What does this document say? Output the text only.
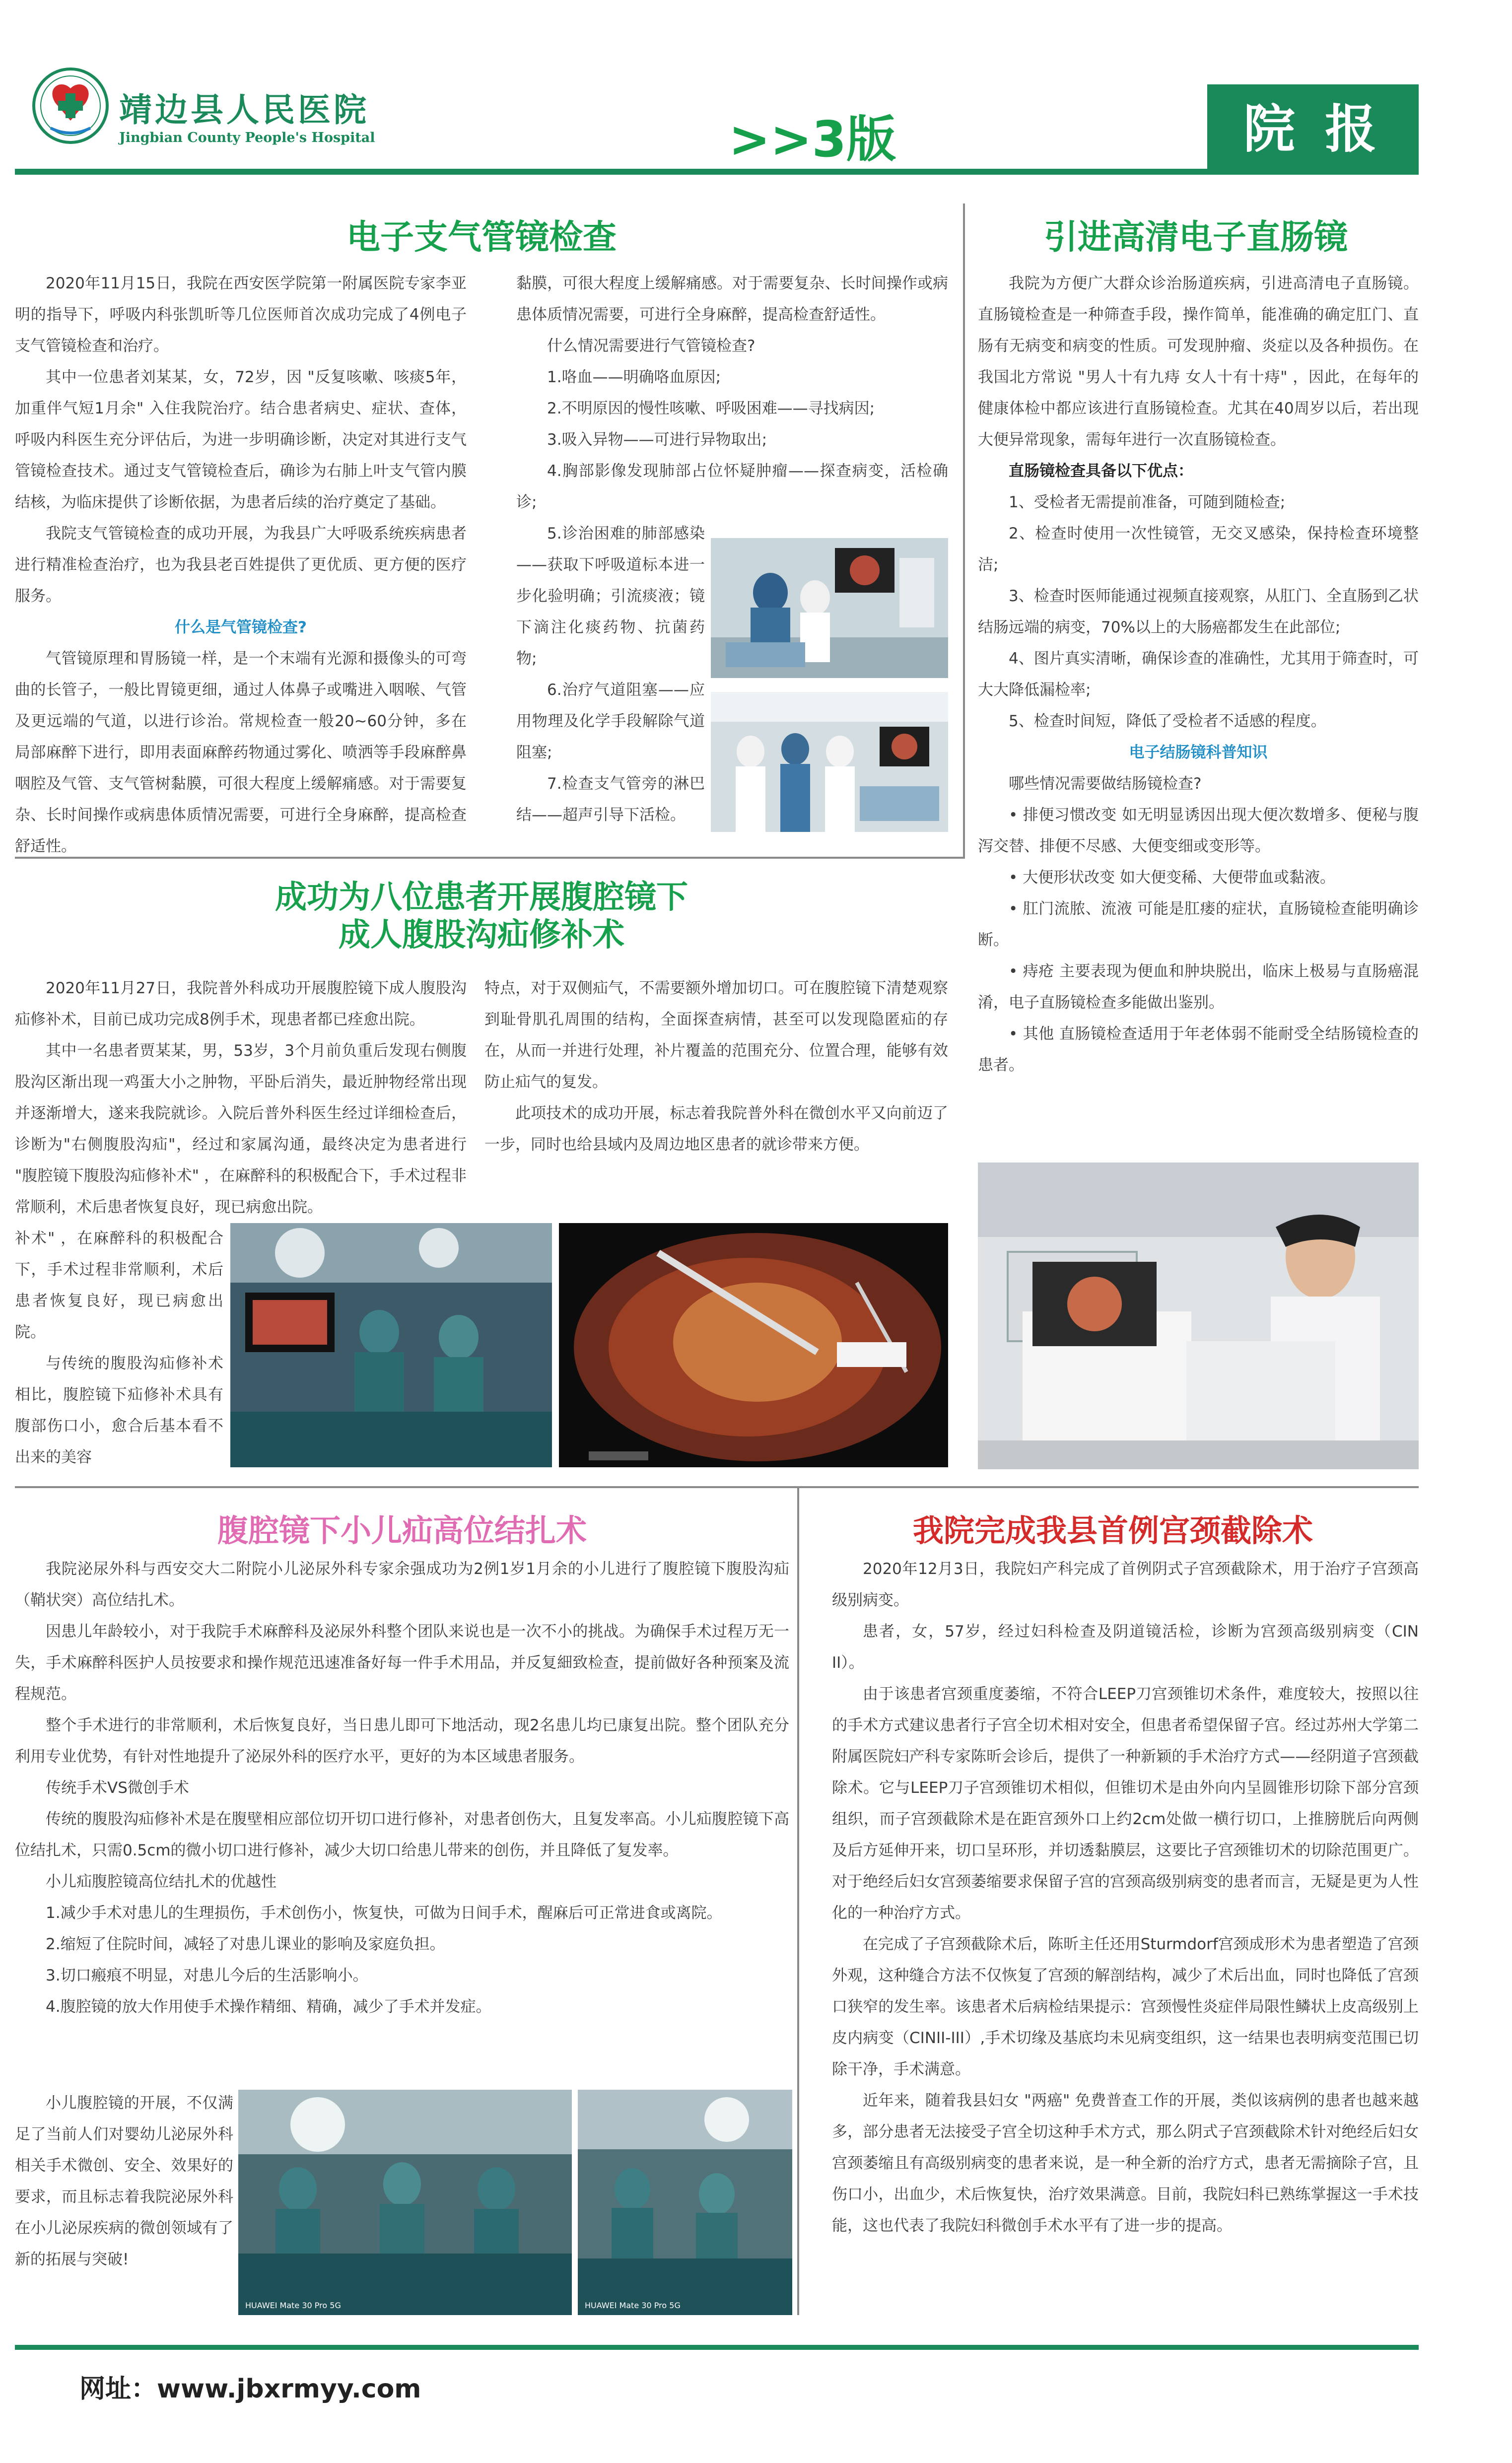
靖边县人民医院
Jingbian County People's Hospital	>>3版	院 报
电子支气管镜检查

2020年11月15日，我院在西安医学院第一附属医院专家李亚明的指导下，呼吸内科张凯昕等几位医师首次成功完成了4例电子支气管镜检查和治疗。

其中一位患者刘某某，女，72岁，因 "反复咳嗽、咳痰5年，加重伴气短1月余" 入住我院治疗。结合患者病史、症状、查体，呼吸内科医生充分评估后，为进一步明确诊断，决定对其进行支气管镜检查技术。通过支气管镜检查后，确诊为右肺上叶支气管内膜结核，为临床提供了诊断依据，为患者后续的治疗奠定了基础。

我院支气管镜检查的成功开展，为我县广大呼吸系统疾病患者进行精准检查治疗，也为我县老百姓提供了更优质、更方便的医疗服务。

什么是气管镜检查?

气管镜原理和胃肠镜一样，是一个末端有光源和摄像头的可弯曲的长管子，一般比胃镜更细，通过人体鼻子或嘴进入咽喉、气管及更远端的气道，以进行诊治。常规检查一般20~60分钟，多在局部麻醉下进行，即用表面麻醉药物通过雾化、喷洒等手段麻醉鼻咽腔及气管、支气管树黏膜，可很大程度上缓解痛感。对于需要复杂、长时间操作或病患体质情况需要，可进行全身麻醉，提高检查舒适性。

黏膜，可很大程度上缓解痛感。对于需要复杂、长时间操作或病患体质情况需要，可进行全身麻醉，提高检查舒适性。

什么情况需要进行气管镜检查?

1.咯血——明确咯血原因;

2.不明原因的慢性咳嗽、呼吸困难——寻找病因;

3.吸入异物——可进行异物取出;

4.胸部影像发现肺部占位怀疑肿瘤——探查病变，活检确诊;

5.诊治困难的肺部感染——获取下呼吸道标本进一步化验明确；引流痰液；镜下滴注化痰药物、抗菌药物;

6.治疗气道阻塞——应用物理及化学手段解除气道阻塞;

7.检查支气管旁的淋巴结——超声引导下活检。

引进高清电子直肠镜

我院为方便广大群众诊治肠道疾病，引进高清电子直肠镜。直肠镜检查是一种筛查手段，操作简单，能准确的确定肛门、直肠有无病变和病变的性质。可发现肿瘤、炎症以及各种损伤。在我国北方常说 "男人十有九痔 女人十有十痔" ，因此，在每年的健康体检中都应该进行直肠镜检查。尤其在40周岁以后，若出现大便异常现象，需每年进行一次直肠镜检查。

直肠镜检查具备以下优点：

1、受检者无需提前准备，可随到随检查;

2、检查时使用一次性镜管，无交叉感染，保持检查环境整洁;

3、检查时医师能通过视频直接观察，从肛门、全直肠到乙状结肠远端的病变，70%以上的大肠癌都发生在此部位;

4、图片真实清晰，确保诊查的准确性，尤其用于筛查时，可大大降低漏检率;

5、检查时间短，降低了受检者不适感的程度。

电子结肠镜科普知识

哪些情况需要做结肠镜检查?

• 排便习惯改变 如无明显诱因出现大便次数增多、便秘与腹泻交替、排便不尽感、大便变细或变形等。

• 大便形状改变 如大便变稀、大便带血或黏液。

• 肛门流脓、流液 可能是肛瘘的症状，直肠镜检查能明确诊断。

• 痔疮 主要表现为便血和肿块脱出，临床上极易与直肠癌混淆，电子直肠镜检查多能做出鉴别。

• 其他 直肠镜检查适用于年老体弱不能耐受全结肠镜检查的患者。

成功为八位患者开展腹腔镜下
成人腹股沟疝修补术

2020年11月27日，我院普外科成功开展腹腔镜下成人腹股沟疝修补术，目前已成功完成8例手术，现患者都已痊愈出院。

其中一名患者贾某某，男，53岁，3个月前负重后发现右侧腹股沟区渐出现一鸡蛋大小之肿物，平卧后消失，最近肿物经常出现并逐渐增大，遂来我院就诊。入院后普外科医生经过详细检查后，诊断为"右侧腹股沟疝"，经过和家属沟通，最终决定为患者进行 "腹腔镜下腹股沟疝修补术" ，在麻醉科的积极配合下，手术过程非常顺利，术后患者恢复良好，现已病愈出院。

补术" ，在麻醉科的积极配合下，手术过程非常顺利，术后患者恢复良好，现已病愈出院。

与传统的腹股沟疝修补术相比，腹腔镜下疝修补术具有腹部伤口小，愈合后基本看不出来的美容

特点，对于双侧疝气，不需要额外增加切口。可在腹腔镜下清楚观察到耻骨肌孔周围的结构，全面探查病情，甚至可以发现隐匿疝的存在，从而一并进行处理，补片覆盖的范围充分、位置合理，能够有效防止疝气的复发。

此项技术的成功开展，标志着我院普外科在微创水平又向前迈了一步，同时也给县域内及周边地区患者的就诊带来方便。

腹腔镜下小儿疝高位结扎术

我院泌尿外科与西安交大二附院小儿泌尿外科专家余强成功为2例1岁1月余的小儿进行了腹腔镜下腹股沟疝（鞘状突）高位结扎术。

因患儿年龄较小，对于我院手术麻醉科及泌尿外科整个团队来说也是一次不小的挑战。为确保手术过程万无一失，手术麻醉科医护人员按要求和操作规范迅速准备好每一件手术用品，并反复細致检查，提前做好各种预案及流程规范。

整个手术进行的非常顺利，术后恢复良好，当日患儿即可下地活动，现2名患儿均已康复出院。整个团队充分利用专业优势，有针对性地提升了泌尿外科的医疗水平，更好的为本区域患者服务。

传统手术VS微创手术

传统的腹股沟疝修补术是在腹壁相应部位切开切口进行修补，对患者创伤大，且复发率高。小儿疝腹腔镜下高位结扎术，只需0.5cm的微小切口进行修补，减少大切口给患儿带来的创伤，并且降低了复发率。

小儿疝腹腔镜高位结扎术的优越性

1.减少手术对患儿的生理损伤，手术创伤小，恢复快，可做为日间手术，醒麻后可正常进食或离院。

2.缩短了住院时间，减轻了对患儿课业的影响及家庭负担。

3.切口瘢痕不明显，对患儿今后的生活影响小。

4.腹腔镜的放大作用使手术操作精细、精确，减少了手术并发症。

小儿腹腔镜的开展，不仅满足了当前人们对婴幼儿泌尿外科相关手术微创、安全、效果好的要求，而且标志着我院泌尿外科在小儿泌尿疾病的微创领域有了新的拓展与突破!

HUAWEI Mate 30 Pro 5G	HUAWEI Mate 30 Pro 5G
我院完成我县首例宫颈截除术

2020年12月3日，我院妇产科完成了首例阴式子宫颈截除术，用于治疗子宫颈高级别病变。

患者，女，57岁，经过妇科检查及阴道镜活检，诊断为宫颈高级别病变（CIN II）。

由于该患者宫颈重度萎缩，不符合LEEP刀宫颈锥切术条件，难度较大，按照以往的手术方式建议患者行子宫全切术相对安全，但患者希望保留子宫。经过苏州大学第二附属医院妇产科专家陈昕会诊后，提供了一种新颖的手术治疗方式——经阴道子宫颈截除术。它与LEEP刀子宫颈锥切术相似，但锥切术是由外向内呈圆锥形切除下部分宫颈组织，而子宫颈截除术是在距宫颈外口上约2cm处做一横行切口，上推膀胱后向两侧及后方延伸开来，切口呈环形，并切透黏膜层，这要比子宫颈锥切术的切除范围更广。对于绝经后妇女宫颈萎缩要求保留子宫的宫颈高级别病变的患者而言，无疑是更为人性化的一种治疗方式。

在完成了子宫颈截除术后，陈昕主任还用Sturmdorf宫颈成形术为患者塑造了宫颈外观，这种缝合方法不仅恢复了宫颈的解剖结构，减少了术后出血，同时也降低了宫颈口狭窄的发生率。该患者术后病检结果提示：宫颈慢性炎症伴局限性鳞状上皮高级别上皮内病变（CINII-III）,手术切缘及基底均未见病变组织，这一结果也表明病变范围已切除干净，手术满意。

近年来，随着我县妇女 "两癌" 免费普查工作的开展，类似该病例的患者也越来越多，部分患者无法接受子宫全切这种手术方式，那么阴式子宫颈截除术针对绝经后妇女宫颈萎缩且有高级别病变的患者来说，是一种全新的治疗方式，患者无需摘除子宫，且伤口小，出血少，术后恢复快，治疗效果满意。目前，我院妇科已熟练掌握这一手术技能，这也代表了我院妇科微创手术水平有了进一步的提高。

网址：www.jbxrmyy.com
